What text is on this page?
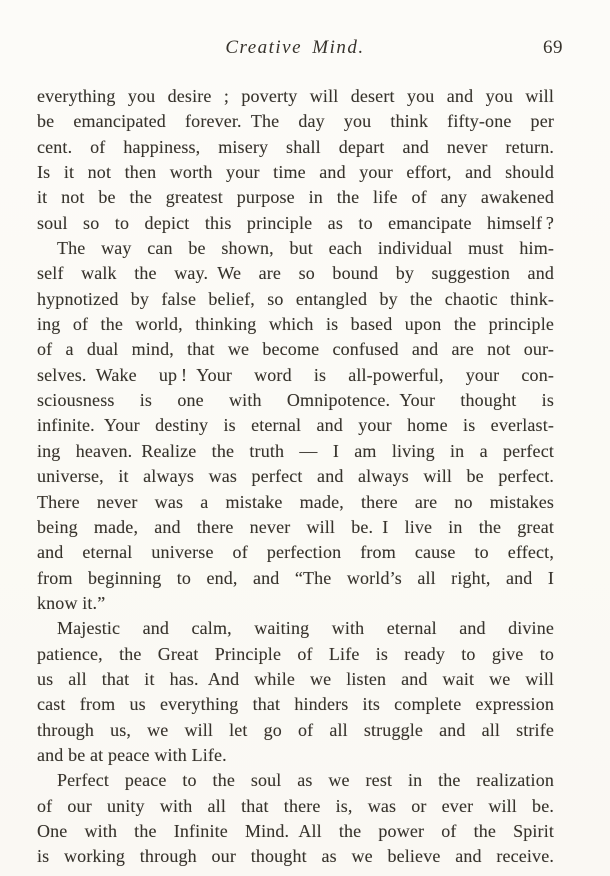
Creative Mind.	69
everything you desire ; poverty will desert you and you will
be emancipated forever. The day you think fifty-one per
cent. of happiness, misery shall depart and never return.
Is it not then worth your time and your effort, and should
it not be the greatest purpose in the life of any awakened
soul so to depict this principle as to emancipate himself ?
The way can be shown, but each individual must him-
self walk the way. We are so bound by suggestion and
hypnotized by false belief, so entangled by the chaotic think-
ing of the world, thinking which is based upon the principle
of a dual mind, that we become confused and are not our-
selves. Wake up ! Your word is all-powerful, your con-
sciousness is one with Omnipotence. Your thought is
infinite. Your destiny is eternal and your home is everlast-
ing heaven. Realize the truth — I am living in a perfect
universe, it always was perfect and always will be perfect.
There never was a mistake made, there are no mistakes
being made, and there never will be. I live in the great
and eternal universe of perfection from cause to effect,
from beginning to end, and “The world’s all right, and I
know it.”
Majestic and calm, waiting with eternal and divine
patience, the Great Principle of Life is ready to give to
us all that it has. And while we listen and wait we will
cast from us everything that hinders its complete expression
through us, we will let go of all struggle and all strife
and be at peace with Life.
Perfect peace to the soul as we rest in the realization
of our unity with all that there is, was or ever will be.
One with the Infinite Mind. All the power of the Spirit
is working through our thought as we believe and receive.
